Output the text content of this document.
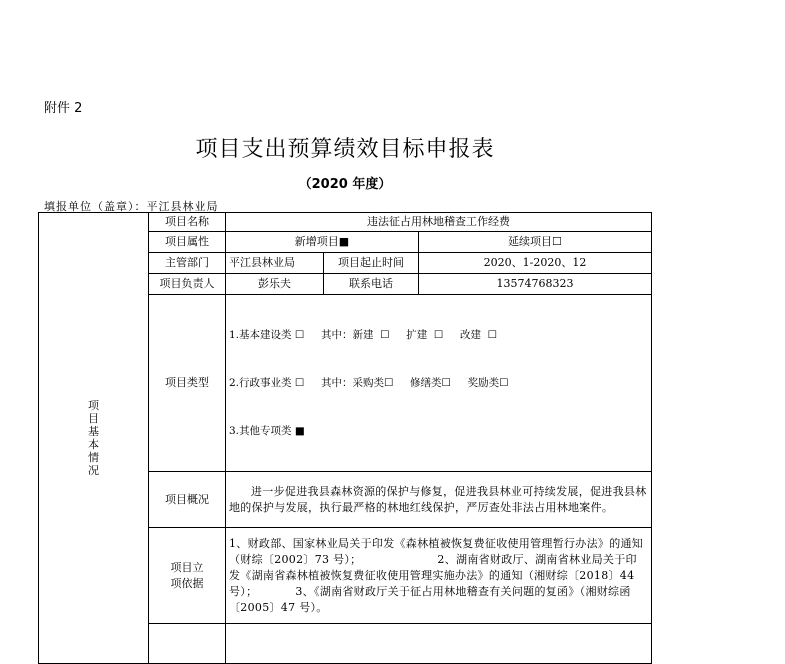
附件 2
项目支出预算绩效目标申报表
（2020 年度）
填报单位（盖章）：平江县林业局
项目基本情况	项目名称	违法征占用林地稽查工作经费		
	项目属性	新增项目■		延续项目☐
	主管部门	平江县林业局	项目起止时间	2020、1-2020、12
	项目负责人	彭乐夫	联系电话	13574768323
	项目类型	1.基本建设类 ☐     其中：新建  ☐     扩建  ☐     改建  ☐

2.行政事业类 ☐     其中：采购类☐     修缮类☐     奖励类☐

3.其他专项类 ■		

	项目概况	进一步促进我县森林资源的保护与修复，促进我县林业可持续发展，促进我县林地的保护与发展，执行最严格的林地红线保护，严厉查处非法占用林地案件。		

	项目立项依据	1、财政部、国家林业局关于印发《森林植被恢复费征收使用管理暂行办法》的通知（财综〔2002〕73 号）；                    2、湖南省财政厅、湖南省林业局关于印发《湖南省森林植被恢复费征收使用管理实施办法》的通知（湘财综〔2018〕44 号）；          3、《湖南省财政厅关于征占用林地稽查有关问题的复函》（湘财综函〔2005〕47 号）。		
